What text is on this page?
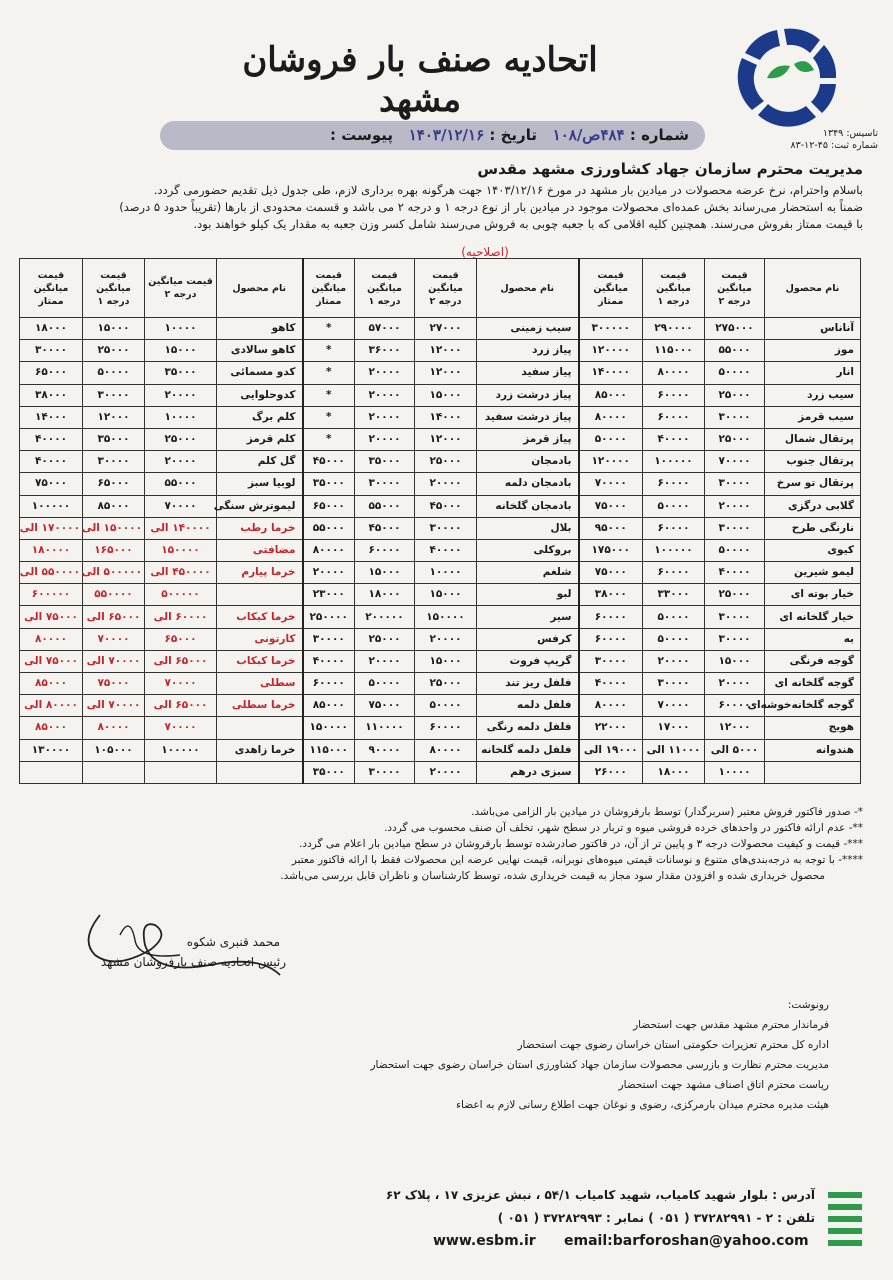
تاسیس: ۱۳۴۹
شماره ثبت: ۴۵-۱۲-۸۳
اتحادیه صنف بار فروشان مشهد
شماره : ۴۸۴ص/۱۰۸   تاریخ : ۱۴۰۳/۱۲/۱۶   پیوست :
مدیریت محترم سازمان جهاد کشاورزی مشهد مقدس
باسلام واحترام، نرخ عرضه محصولات در میادین بار مشهد در مورخ ۱۴۰۳/۱۲/۱۶ جهت هرگونه بهره برداری لازم، طی جدول ذیل تقدیم حضورمی گردد.
ضمناً به استحضار می‌رساند بخش عمده‌ای محصولات موجود در میادین بار از نوع درجه ۱ و درجه ۲ می باشد و قسمت محدودی از بارها (تقریباً حدود ۵ درصد)
با قیمت ممتاز بفروش می‌رسند. همچنین کلیه اقلامی که با جعبه چوبی به فروش می‌رسند شامل کسر وزن جعبه به مقدار یک کیلو خواهند بود.
(اصلاحیه)
نام محصول	قیمت میانگین درجه ۲	قیمت میانگین درجه ۱	قیمت میانگین ممتاز	نام محصول	قیمت میانگین درجه ۲	قیمت میانگین درجه ۱	قیمت میانگین ممتاز	نام محصول	قیمت میانگین درجه ۲	قیمت میانگین درجه ۱	قیمت میانگین ممتاز
آناناس	۲۷۵۰۰۰	۲۹۰۰۰۰	۳۰۰۰۰۰	سیب زمینی	۲۷۰۰۰	۵۷۰۰۰	*	کاهو	۱۰۰۰۰	۱۵۰۰۰	۱۸۰۰۰
موز	۵۵۰۰۰	۱۱۵۰۰۰	۱۲۰۰۰۰	پیاز زرد	۱۲۰۰۰	۳۶۰۰۰	*	کاهو سالادی	۱۵۰۰۰	۲۵۰۰۰	۳۰۰۰۰
انار	۵۰۰۰۰	۸۰۰۰۰	۱۴۰۰۰۰	پیاز سفید	۱۲۰۰۰	۲۰۰۰۰	*	کدو مسمائی	۳۵۰۰۰	۵۰۰۰۰	۶۵۰۰۰
سیب زرد	۲۵۰۰۰	۶۰۰۰۰	۸۵۰۰۰	پیاز درشت زرد	۱۵۰۰۰	۲۰۰۰۰	*	کدوحلوایی	۲۰۰۰۰	۳۰۰۰۰	۳۸۰۰۰
سیب قرمز	۳۰۰۰۰	۶۰۰۰۰	۸۰۰۰۰	پیاز درشت سفید	۱۴۰۰۰	۲۰۰۰۰	*	کلم برگ	۱۰۰۰۰	۱۲۰۰۰	۱۴۰۰۰
پرتقال شمال	۲۵۰۰۰	۴۰۰۰۰	۵۰۰۰۰	پیاز قرمز	۱۲۰۰۰	۲۰۰۰۰	*	کلم قرمز	۲۵۰۰۰	۳۵۰۰۰	۴۰۰۰۰
پرتقال جنوب	۷۰۰۰۰	۱۰۰۰۰۰	۱۲۰۰۰۰	بادمجان	۲۵۰۰۰	۳۵۰۰۰	۴۵۰۰۰	گل کلم	۲۰۰۰۰	۳۰۰۰۰	۴۰۰۰۰
پرتقال تو سرخ	۳۰۰۰۰	۶۰۰۰۰	۷۰۰۰۰	بادمجان دلمه	۲۰۰۰۰	۳۰۰۰۰	۳۵۰۰۰	لوبیا سبز	۵۵۰۰۰	۶۵۰۰۰	۷۵۰۰۰
گلابی درگزی	۲۰۰۰۰	۵۰۰۰۰	۷۵۰۰۰	بادمجان گلخانه	۴۵۰۰۰	۵۵۰۰۰	۶۵۰۰۰	لیموترش سنگی	۷۰۰۰۰	۸۵۰۰۰	۱۰۰۰۰۰
نارنگی طرح	۳۰۰۰۰	۶۰۰۰۰	۹۵۰۰۰	بلال	۳۰۰۰۰	۴۵۰۰۰	۵۵۰۰۰	خرما رطب	۱۴۰۰۰۰ الی	۱۵۰۰۰۰ الی	۱۷۰۰۰۰ الی
کیوی	۵۰۰۰۰	۱۰۰۰۰۰	۱۷۵۰۰۰	بروکلی	۴۰۰۰۰	۶۰۰۰۰	۸۰۰۰۰	مضافتی	۱۵۰۰۰۰	۱۶۵۰۰۰	۱۸۰۰۰۰
لیمو شیرین	۴۰۰۰۰	۶۰۰۰۰	۷۵۰۰۰	شلغم	۱۰۰۰۰	۱۵۰۰۰	۲۰۰۰۰	خرما پیارم	۴۵۰۰۰۰ الی	۵۰۰۰۰۰ الی	۵۵۰۰۰۰ الی
خیار بوته ای	۲۵۰۰۰	۳۳۰۰۰	۳۸۰۰۰	لبو	۱۵۰۰۰	۱۸۰۰۰	۲۳۰۰۰		۵۰۰۰۰۰	۵۵۰۰۰۰	۶۰۰۰۰۰
خیار گلخانه ای	۳۰۰۰۰	۵۰۰۰۰	۶۰۰۰۰	سیر	۱۵۰۰۰۰	۲۰۰۰۰۰	۲۵۰۰۰۰	خرما کبکاب	۶۰۰۰۰ الی	۶۵۰۰۰ الی	۷۵۰۰۰ الی
به	۳۰۰۰۰	۵۰۰۰۰	۶۰۰۰۰	کرفس	۲۰۰۰۰	۲۵۰۰۰	۳۰۰۰۰	کارتونی	۶۵۰۰۰	۷۰۰۰۰	۸۰۰۰۰
گوجه فرنگی	۱۵۰۰۰	۲۰۰۰۰	۳۰۰۰۰	گریپ فروت	۱۵۰۰۰	۲۰۰۰۰	۴۰۰۰۰	خرما کبکاب	۶۵۰۰۰ الی	۷۰۰۰۰ الی	۷۵۰۰۰ الی
گوجه گلخانه ای	۲۰۰۰۰	۳۰۰۰۰	۴۰۰۰۰	فلفل ریز تند	۲۵۰۰۰	۵۰۰۰۰	۶۰۰۰۰	سطلی	۷۰۰۰۰	۷۵۰۰۰	۸۵۰۰۰
گوجه گلخانه‌خوشه‌ای	۶۰۰۰۰	۷۰۰۰۰	۸۰۰۰۰	فلفل دلمه	۵۰۰۰۰	۷۵۰۰۰	۸۵۰۰۰	خرما سطلی	۶۵۰۰۰ الی	۷۰۰۰۰ الی	۸۰۰۰۰ الی
هویج	۱۲۰۰۰	۱۷۰۰۰	۲۲۰۰۰	فلفل دلمه رنگی	۶۰۰۰۰	۱۱۰۰۰۰	۱۵۰۰۰۰		۷۰۰۰۰	۸۰۰۰۰	۸۵۰۰۰
هندوانه	۵۰۰۰ الی	۱۱۰۰۰ الی	۱۹۰۰۰ الی	فلفل دلمه گلخانه	۸۰۰۰۰	۹۰۰۰۰	۱۱۵۰۰۰	خرما زاهدی	۱۰۰۰۰۰	۱۰۵۰۰۰	۱۳۰۰۰۰
	۱۰۰۰۰	۱۸۰۰۰	۲۶۰۰۰	سبزی درهم	۲۰۰۰۰	۳۰۰۰۰	۳۵۰۰۰				
*- صدور فاکتور فروش معتبر (سربرگدار) توسط بارفروشان در میادین بار الزامی می‌باشد.
**- عدم ارائه فاکتور در واحدهای خرده فروشی میوه و تربار در سطح شهر، تخلف آن صنف محسوب می گردد.
***- قیمت و کیفیت محصولات درجه ۳ و پایین تر از آن، در فاکتور صادرشده توسط بارفروشان در سطح میادین بار اعلام می گردد.
****- با توجه به درجه‌بندی‌های متنوع و نوسانات قیمتی میوه‌های نوبرانه، قیمت نهایی عرضه این محصولات فقط با ارائه فاکتور معتبر
محصول خریداری شده و افزودن مقدار سود مجاز به قیمت خریداری شده، توسط کارشناسان و ناظران قابل بررسی می‌باشد.
محمد قنبری شکوه
رئیس اتحادیه صنف بارفروشان مشهد
رونوشت:
فرماندار محترم مشهد مقدس جهت استحضار
اداره کل محترم تعزیرات حکومتی استان خراسان رضوی جهت استحضار
مدیریت محترم نظارت و بازرسی محصولات سازمان جهاد کشاورزی استان خراسان رضوی جهت استحضار
ریاست محترم اتاق اصناف مشهد جهت استحضار
هیئت مدیره محترم میدان بارمرکزی، رضوی و نوغان جهت اطلاع رسانی لازم به اعضاء
آدرس : بلوار شهید کامیاب، شهید کامیاب ۵۴/۱ ، نبش عزیزی ۱۷ ، پلاک ۶۲
تلفن : ۲ - ۳۷۲۸۲۹۹۱ ( ۰۵۱ ) نمابر : ۳۷۲۸۲۹۹۳ ( ۰۵۱ )
email:barforoshan@yahoo.com
www.esbm.ir
